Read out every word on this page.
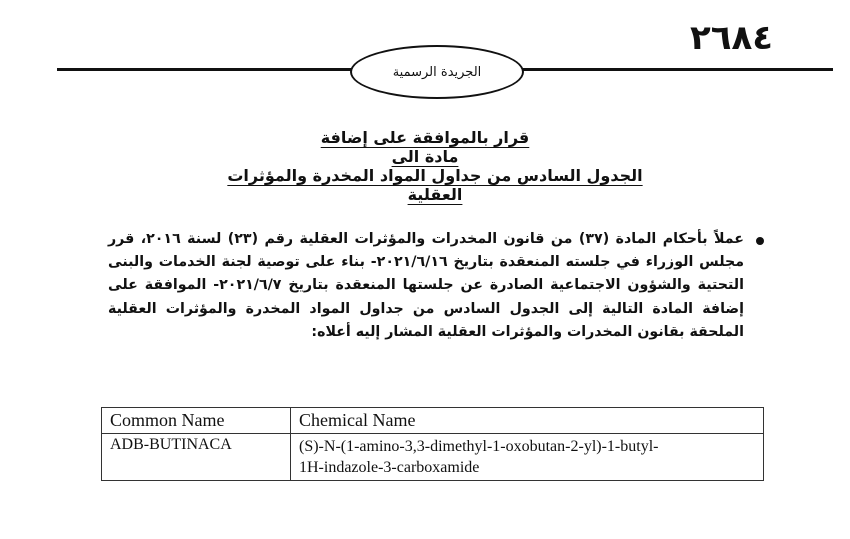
٢٦٨٤
الجريدة الرسمية
قرار بالموافقة على إضافة مادة الى
الجدول السادس من جداول المواد المخدرة والمؤثرات العقلية
عملاً بأحكام المادة (٣٧) من قانون المخدرات والمؤثرات العقلية رقم (٢٣) لسنة ٢٠١٦، قرر مجلس الوزراء في جلسته المنعقدة بتاريخ ٢٠٢١/٦/١٦- بناء على توصية لجنة الخدمات والبنى التحتية والشؤون الاجتماعية الصادرة عن جلستها المنعقدة بتاريخ ٢٠٢١/٦/٧- الموافقة على إضافة المادة التالية إلى الجدول السادس من جداول المواد المخدرة والمؤثرات العقلية الملحقة بقانون المخدرات والمؤثرات العقلية المشار إليه أعلاه:
Common Name	Chemical Name
ADB-BUTINACA	(S)-N-(1-amino-3,3-dimethyl-1-oxobutan-2-yl)-1-butyl-
1H-indazole-3-carboxamide
